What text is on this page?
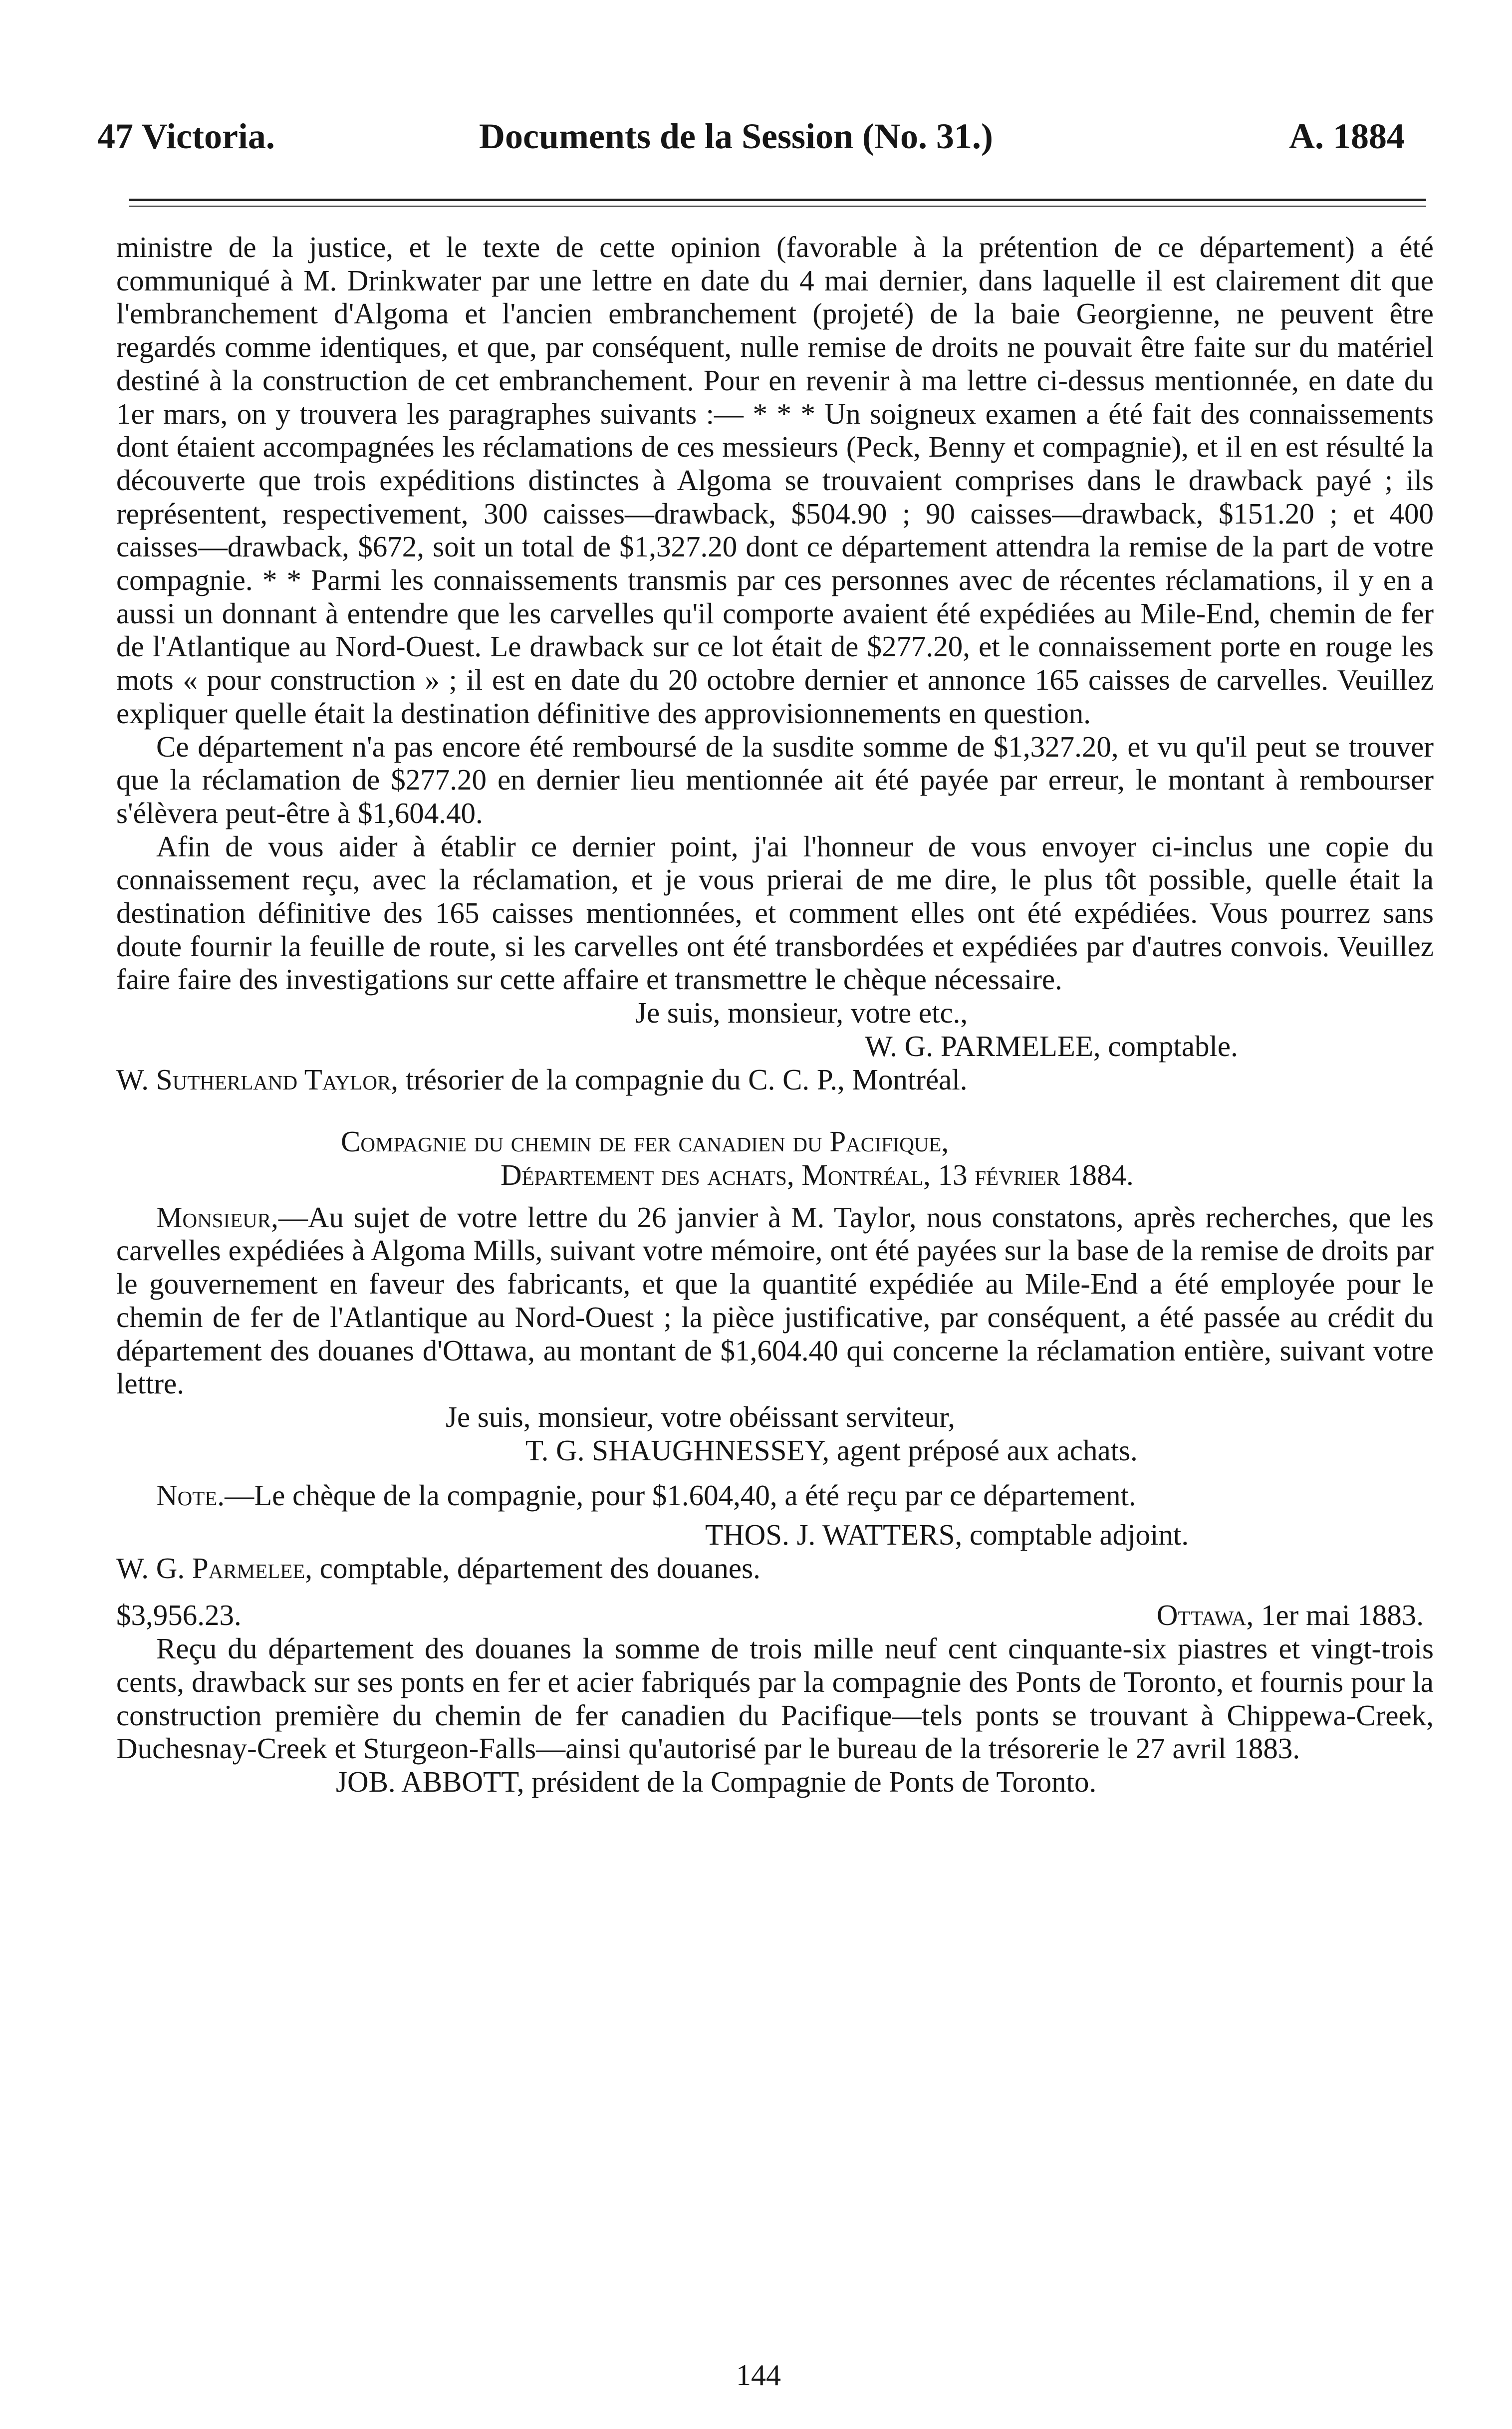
47 Victoria.	Documents de la Session (No. 31.)	A. 1884

ministre de la justice, et le texte de cette opinion (favorable à la prétention de ce département) a été communiqué à M. Drinkwater par une lettre en date du 4 mai dernier, dans laquelle il est clairement dit que l'embranchement d'Algoma et l'ancien embranchement (projeté) de la baie Georgienne, ne peuvent être regardés comme identiques, et que, par conséquent, nulle remise de droits ne pouvait être faite sur du matériel destiné à la construction de cet embranchement. Pour en revenir à ma lettre ci-dessus mentionnée, en date du 1er mars, on y trouvera les paragraphes suivants :— * * * Un soigneux examen a été fait des connaissements dont étaient accompagnées les réclamations de ces messieurs (Peck, Benny et compagnie), et il en est résulté la découverte que trois expéditions distinctes à Algoma se trouvaient comprises dans le drawback payé ; ils représentent, respectivement, 300 caisses—drawback, $504.90 ; 90 caisses—drawback, $151.20 ; et 400 caisses—drawback, $672, soit un total de $1,327.20 dont ce département attendra la remise de la part de votre compagnie. * * Parmi les connaissements transmis par ces personnes avec de récentes réclamations, il y en a aussi un donnant à entendre que les carvelles qu'il comporte avaient été expédiées au Mile-End, chemin de fer de l'Atlantique au Nord-Ouest. Le drawback sur ce lot était de $277.20, et le connaissement porte en rouge les mots « pour construction » ; il est en date du 20 octobre dernier et annonce 165 caisses de carvelles. Veuillez expliquer quelle était la destination définitive des approvisionnements en question.

Ce département n'a pas encore été remboursé de la susdite somme de $1,327.20, et vu qu'il peut se trouver que la réclamation de $277.20 en dernier lieu mentionnée ait été payée par erreur, le montant à rembourser s'élèvera peut-être à $1,604.40.

Afin de vous aider à établir ce dernier point, j'ai l'honneur de vous envoyer ci-inclus une copie du connaissement reçu, avec la réclamation, et je vous prierai de me dire, le plus tôt possible, quelle était la destination définitive des 165 caisses mentionnées, et comment elles ont été expédiées. Vous pourrez sans doute fournir la feuille de route, si les carvelles ont été transbordées et expédiées par d'autres convois. Veuillez faire faire des investigations sur cette affaire et transmettre le chèque nécessaire.

Je suis, monsieur, votre etc.,

W. G. PARMELEE, comptable.

W. Sutherland Taylor, trésorier de la compagnie du C. C. P., Montréal.

Compagnie du chemin de fer canadien du Pacifique,

Département des achats, Montréal, 13 février 1884.

Monsieur,—Au sujet de votre lettre du 26 janvier à M. Taylor, nous constatons, après recherches, que les carvelles expédiées à Algoma Mills, suivant votre mémoire, ont été payées sur la base de la remise de droits par le gouvernement en faveur des fabricants, et que la quantité expédiée au Mile-End a été employée pour le chemin de fer de l'Atlantique au Nord-Ouest ; la pièce justificative, par conséquent, a été passée au crédit du département des douanes d'Ottawa, au montant de $1,604.40 qui concerne la réclamation entière, suivant votre lettre.

Je suis, monsieur, votre obéissant serviteur,

T. G. SHAUGHNESSEY, agent préposé aux achats.

Note.—Le chèque de la compagnie, pour $1.604,40, a été reçu par ce département.

THOS. J. WATTERS, comptable adjoint.

W. G. Parmelee, comptable, département des douanes.

$3,956.23.	Ottawa, 1er mai 1883.

Reçu du département des douanes la somme de trois mille neuf cent cinquante-six piastres et vingt-trois cents, drawback sur ses ponts en fer et acier fabriqués par la compagnie des Ponts de Toronto, et fournis pour la construction première du chemin de fer canadien du Pacifique—tels ponts se trouvant à Chippewa-Creek, Duchesnay-Creek et Sturgeon-Falls—ainsi qu'autorisé par le bureau de la trésorerie le 27 avril 1883.

JOB. ABBOTT, président de la Compagnie de Ponts de Toronto.

144
